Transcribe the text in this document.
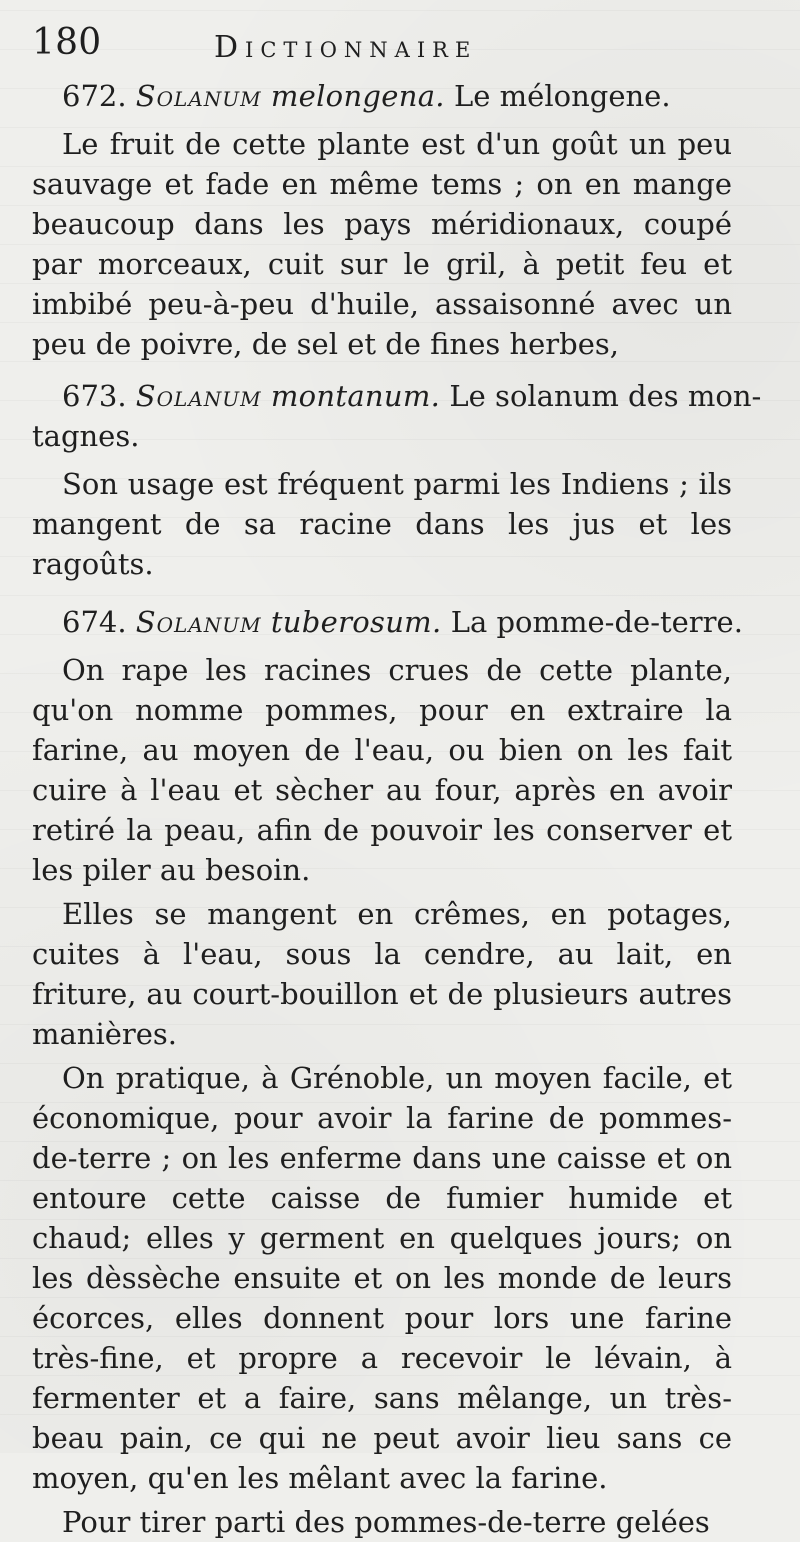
180	Dictionnaire

672. Solanum melongena. Le mélongene.

Le fruit de cette plante est d'un goût un peu sauvage et fade en même tems ; on en mange beaucoup dans les pays méridionaux, coupé par morceaux, cuit sur le gril, à petit feu et imbibé peu-à-peu d'huile, assaisonné avec un peu de poivre, de sel et de fines herbes,

673. Solanum montanum. Le solanum des mon-

tagnes.

Son usage est fréquent parmi les Indiens ; ils mangent de sa racine dans les jus et les ragoûts.

674. Solanum tuberosum. La pomme-de-terre.

On rape les racines crues de cette plante, qu'on nomme pommes, pour en extraire la farine, au moyen de l'eau, ou bien on les fait cuire à l'eau et sècher au four, après en avoir retiré la peau, afin de pouvoir les conserver et les piler au besoin.

Elles se mangent en crêmes, en potages, cuites à l'eau, sous la cendre, au lait, en friture, au court-bouillon et de plusieurs autres manières.

On pratique, à Grénoble, un moyen facile, et économique, pour avoir la farine de pommes-de-terre ; on les enferme dans une caisse et on entoure cette caisse de fumier humide et chaud; elles y germent en quelques jours; on les dèssèche ensuite et on les monde de leurs écorces, elles donnent pour lors une farine très-fine, et propre a recevoir le lévain, à fermenter et a faire, sans mêlange, un très-beau pain, ce qui ne peut avoir lieu sans ce moyen, qu'en les mêlant avec la farine.

Pour tirer parti des pommes-de-terre gelées
